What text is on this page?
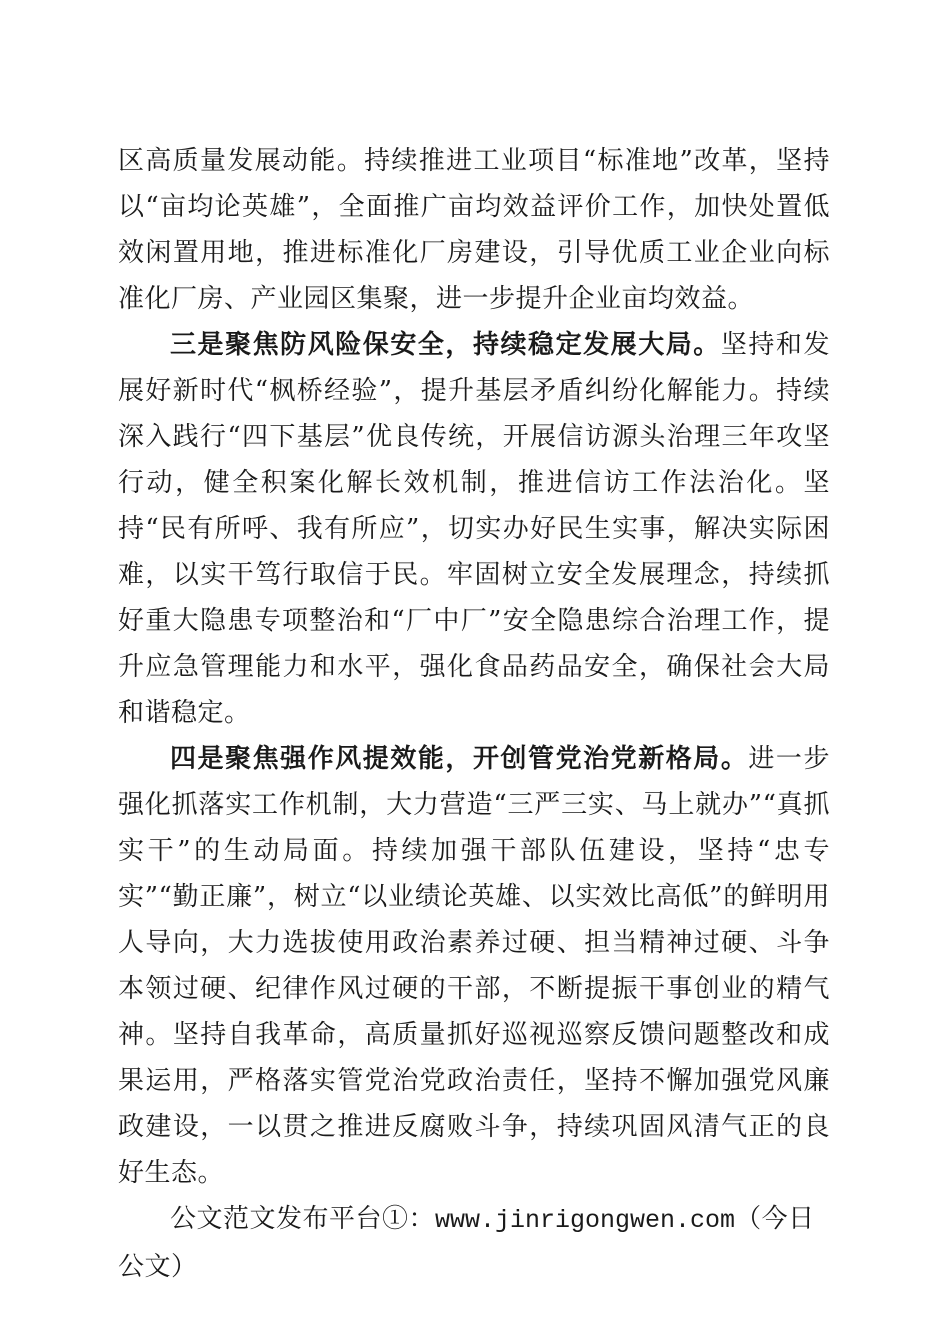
区高质量发展动能。持续推进工业项目“标准地”改革，坚持以“亩均论英雄”，全面推广亩均效益评价工作，加快处置低效闲置用地，推进标准化厂房建设，引导优质工业企业向标准化厂房、产业园区集聚，进一步提升企业亩均效益。

三是聚焦防风险保安全，持续稳定发展大局。坚持和发展好新时代“枫桥经验”，提升基层矛盾纠纷化解能力。持续深入践行“四下基层”优良传统，开展信访源头治理三年攻坚行动，健全积案化解长效机制，推进信访工作法治化。坚持“民有所呼、我有所应”，切实办好民生实事，解决实际困难，以实干笃行取信于民。牢固树立安全发展理念，持续抓好重大隐患专项整治和“厂中厂”安全隐患综合治理工作，提升应急管理能力和水平，强化食品药品安全，确保社会大局和谐稳定。

四是聚焦强作风提效能，开创管党治党新格局。进一步强化抓落实工作机制，大力营造“三严三实、马上就办”“真抓实干”的生动局面。持续加强干部队伍建设，坚持“忠专实”“勤正廉”，树立“以业绩论英雄、以实效比高低”的鲜明用人导向，大力选拔使用政治素养过硬、担当精神过硬、斗争本领过硬、纪律作风过硬的干部，不断提振干事创业的精气神。坚持自我革命，高质量抓好巡视巡察反馈问题整改和成果运用，严格落实管党治党政治责任，坚持不懈加强党风廉政建设，一以贯之推进反腐败斗争，持续巩固风清气正的良好生态。

公文范文发布平台①：www.jinrigongwen.com（今日公文）
